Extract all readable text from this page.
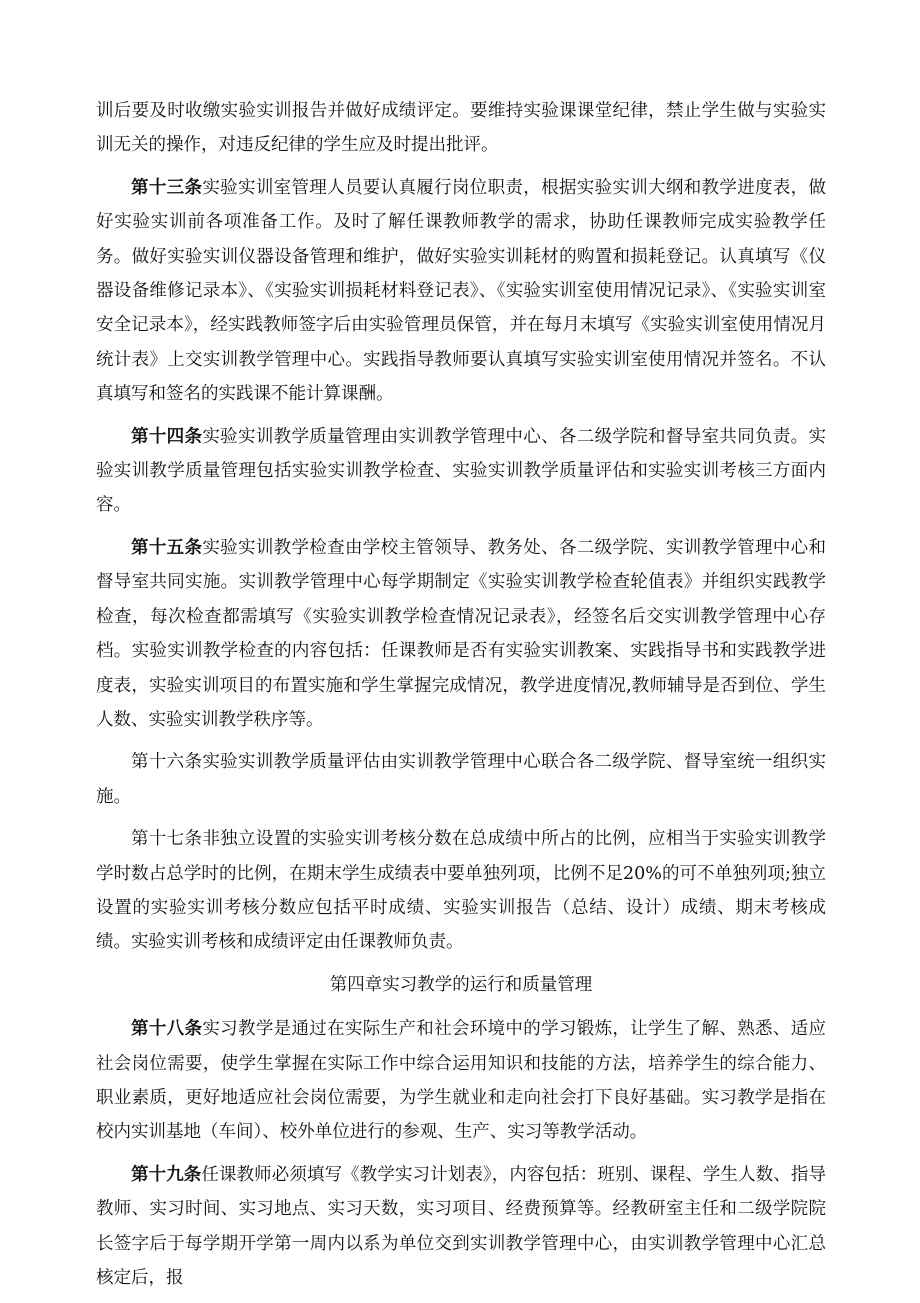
训后要及时收缴实验实训报告并做好成绩评定。要维持实验课课堂纪律，禁止学生做与实验实训无关的操作，对违反纪律的学生应及时提出批评。

第十三条实验实训室管理人员要认真履行岗位职责，根据实验实训大纲和教学进度表，做好实验实训前各项准备工作。及时了解任课教师教学的需求，协助任课教师完成实验教学任务。做好实验实训仪器设备管理和维护，做好实验实训耗材的购置和损耗登记。认真填写《仪器设备维修记录本》、《实验实训损耗材料登记表》、《实验实训室使用情况记录》、《实验实训室安全记录本》，经实践教师签字后由实验管理员保管，并在每月末填写《实验实训室使用情况月统计表》上交实训教学管理中心。实践指导教师要认真填写实验实训室使用情况并签名。不认真填写和签名的实践课不能计算课酬。

第十四条实验实训教学质量管理由实训教学管理中心、各二级学院和督导室共同负责。实验实训教学质量管理包括实验实训教学检查、实验实训教学质量评估和实验实训考核三方面内容。

第十五条实验实训教学检查由学校主管领导、教务处、各二级学院、实训教学管理中心和督导室共同实施。实训教学管理中心每学期制定《实验实训教学检查轮值表》并组织实践教学检查，每次检查都需填写《实验实训教学检查情况记录表》，经签名后交实训教学管理中心存档。实验实训教学检查的内容包括：任课教师是否有实验实训教案、实践指导书和实践教学进度表，实验实训项目的布置实施和学生掌握完成情况，教学进度情况,教师辅导是否到位、学生人数、实验实训教学秩序等。

第十六条实验实训教学质量评估由实训教学管理中心联合各二级学院、督导室统一组织实施。

第十七条非独立设置的实验实训考核分数在总成绩中所占的比例，应相当于实验实训教学学时数占总学时的比例，在期末学生成绩表中要单独列项，比例不足20%的可不单独列项;独立设置的实验实训考核分数应包括平时成绩、实验实训报告（总结、设计）成绩、期末考核成绩。实验实训考核和成绩评定由任课教师负责。

第四章实习教学的运行和质量管理

第十八条实习教学是通过在实际生产和社会环境中的学习锻炼，让学生了解、熟悉、适应社会岗位需要，使学生掌握在实际工作中综合运用知识和技能的方法，培养学生的综合能力、职业素质，更好地适应社会岗位需要，为学生就业和走向社会打下良好基础。实习教学是指在校内实训基地（车间）、校外单位进行的参观、生产、实习等教学活动。

第十九条任课教师必须填写《教学实习计划表》，内容包括：班别、课程、学生人数、指导教师、实习时间、实习地点、实习天数，实习项目、经费预算等。经教研室主任和二级学院院长签字后于每学期开学第一周内以系为单位交到实训教学管理中心，由实训教学管理中心汇总核定后，报
